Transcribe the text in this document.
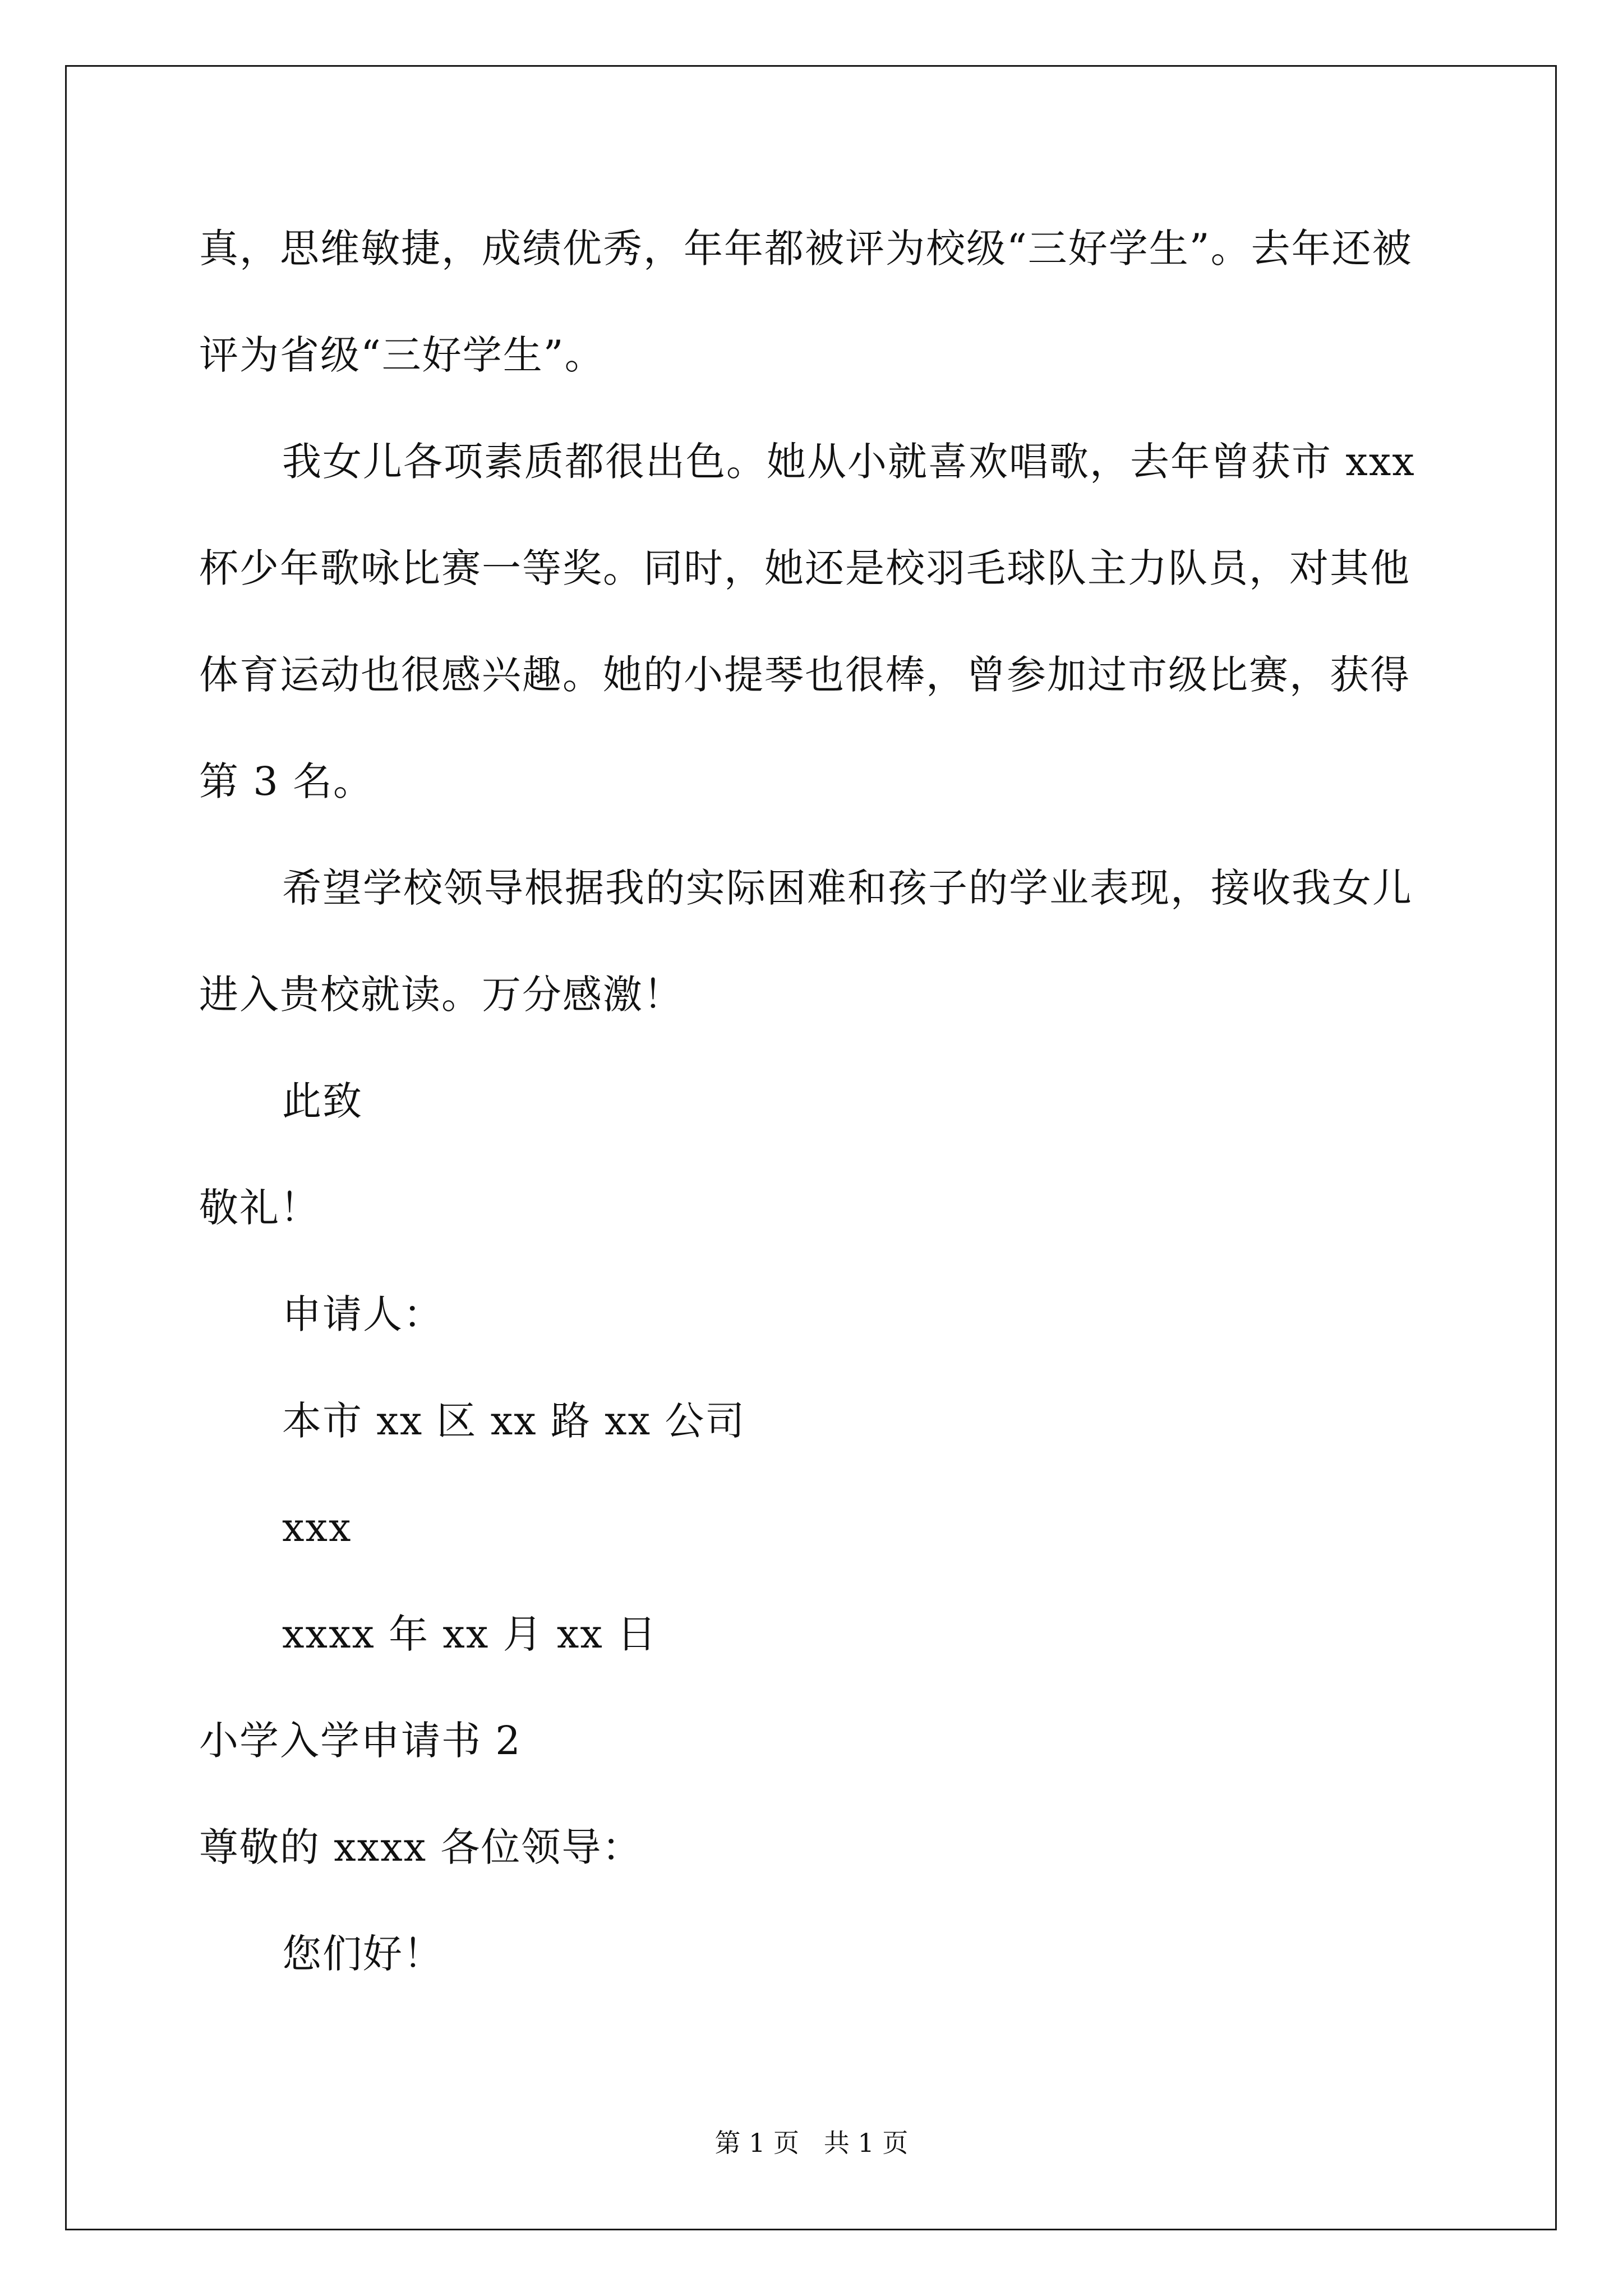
真，思维敏捷，成绩优秀，年年都被评为校级“三好学生”。去年还被

评为省级“三好学生”。

我女儿各项素质都很出色。她从小就喜欢唱歌，去年曾获市 xxx

杯少年歌咏比赛一等奖。同时，她还是校羽毛球队主力队员，对其他

体育运动也很感兴趣。她的小提琴也很棒，曾参加过市级比赛，获得

第 3 名。

希望学校领导根据我的实际困难和孩子的学业表现，接收我女儿

进入贵校就读。万分感激！

此致

敬礼！

申请人：

本市 xx 区 xx 路 xx 公司

xxx

xxxx 年 xx 月 xx 日

小学入学申请书 2

尊敬的 xxxx 各位领导：

您们好！

第 1 页   共 1 页
